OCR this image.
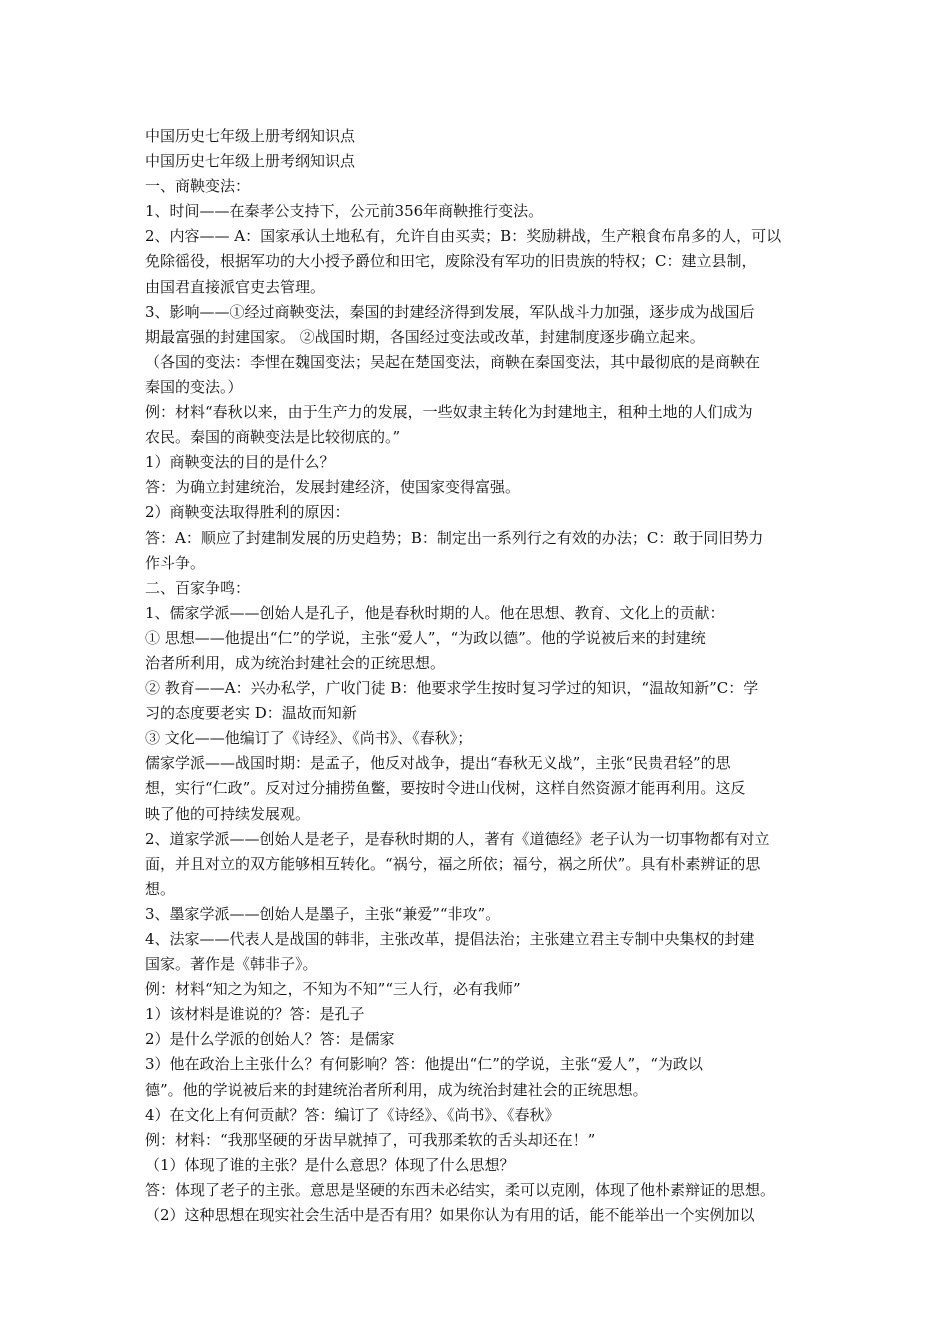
中国历史七年级上册考纲知识点
中国历史七年级上册考纲知识点
一、商鞅变法：
1、时间——在秦孝公支持下，公元前356年商鞅推行变法。
2、内容—— A：国家承认土地私有，允许自由买卖；B：奖励耕战，生产粮食布帛多的人，可以
免除徭役，根据军功的大小授予爵位和田宅，废除没有军功的旧贵族的特权；C：建立县制，
由国君直接派官吏去管理。
3、影响——①经过商鞅变法，秦国的封建经济得到发展，军队战斗力加强，逐步成为战国后
期最富强的封建国家。 ②战国时期，各国经过变法或改革，封建制度逐步确立起来。
（各国的变法：李悝在魏国变法；吴起在楚国变法，商鞅在秦国变法，其中最彻底的是商鞅在
秦国的变法。）
例：材料“春秋以来，由于生产力的发展，一些奴隶主转化为封建地主，租种土地的人们成为
农民。秦国的商鞅变法是比较彻底的。”
1）商鞅变法的目的是什么？
答：为确立封建统治，发展封建经济，使国家变得富强。
2）商鞅变法取得胜利的原因：
答：A：顺应了封建制发展的历史趋势；B：制定出一系列行之有效的办法；C：敢于同旧势力
作斗争。
二、百家争鸣：
1、儒家学派——创始人是孔子，他是春秋时期的人。他在思想、教育、文化上的贡献：
① 思想——他提出“仁”的学说，主张“爱人”，“为政以德”。他的学说被后来的封建统
治者所利用，成为统治封建社会的正统思想。
② 教育——A：兴办私学，广收门徒 B：他要求学生按时复习学过的知识，“温故知新”C：学
习的态度要老实 D：温故而知新
③ 文化——他编订了《诗经》、《尚书》、《春秋》；
儒家学派——战国时期：是孟子，他反对战争，提出“春秋无义战”，主张“民贵君轻”的思
想，实行“仁政”。反对过分捕捞鱼鳖，要按时令进山伐树，这样自然资源才能再利用。这反
映了他的可持续发展观。
2、道家学派——创始人是老子，是春秋时期的人，著有《道德经》老子认为一切事物都有对立
面，并且对立的双方能够相互转化。“祸兮，福之所依；福兮，祸之所伏”。具有朴素辨证的思
想。
3、墨家学派——创始人是墨子，主张“兼爱”“非攻”。
4、法家——代表人是战国的韩非，主张改革，提倡法治；主张建立君主专制中央集权的封建
国家。著作是《韩非子》。
例：材料“知之为知之，不知为不知”“三人行，必有我师”
1）该材料是谁说的？答：是孔子
2）是什么学派的创始人？答：是儒家
3）他在政治上主张什么？有何影响？答：他提出“仁”的学说，主张“爱人”，“为政以
德”。他的学说被后来的封建统治者所利用，成为统治封建社会的正统思想。
4）在文化上有何贡献？答：编订了《诗经》、《尚书》、《春秋》
例：材料：“我那坚硬的牙齿早就掉了，可我那柔软的舌头却还在！”
（1）体现了谁的主张？是什么意思？体现了什么思想？
答：体现了老子的主张。意思是坚硬的东西未必结实，柔可以克刚，体现了他朴素辩证的思想。
（2）这种思想在现实社会生活中是否有用？如果你认为有用的话，能不能举出一个实例加以
